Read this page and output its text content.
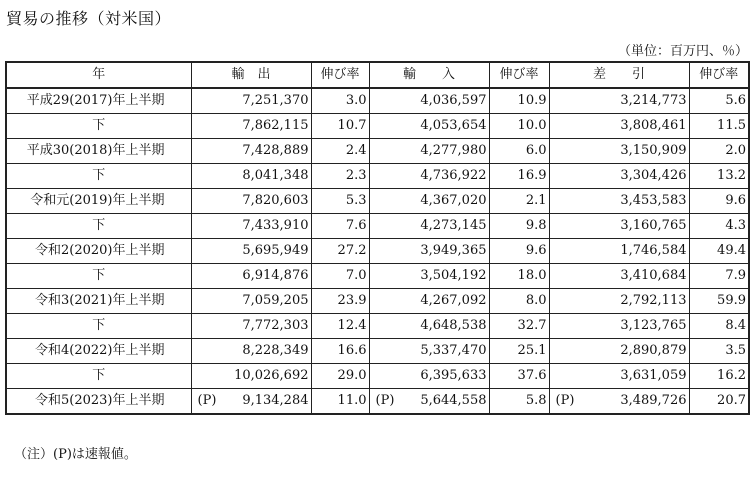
貿易の推移（対米国）
（単位：百万円、％）
年	輸　出	伸び率	輸　　入	伸び率	差　　引	伸び率
平成29(2017)年上半期	7,251,370	3.0	4,036,597	10.9	3,214,773	5.6
下	7,862,115	10.7	4,053,654	10.0	3,808,461	11.5
平成30(2018)年上半期	7,428,889	2.4	4,277,980	6.0	3,150,909	2.0
下	8,041,348	2.3	4,736,922	16.9	3,304,426	13.2
令和元(2019)年上半期	7,820,603	5.3	4,367,020	2.1	3,453,583	9.6
下	7,433,910	7.6	4,273,145	9.8	3,160,765	4.3
令和2(2020)年上半期	5,695,949	27.2	3,949,365	9.6	1,746,584	49.4
下	6,914,876	7.0	3,504,192	18.0	3,410,684	7.9
令和3(2021)年上半期	7,059,205	23.9	4,267,092	8.0	2,792,113	59.9
下	7,772,303	12.4	4,648,538	32.7	3,123,765	8.4
令和4(2022)年上半期	8,228,349	16.6	5,337,470	25.1	2,890,879	3.5
下	10,026,692	29.0	6,395,633	37.6	3,631,059	16.2
令和5(2023)年上半期	(P) 9,134,284	11.0	(P) 5,644,558	5.8	(P) 3,489,726	20.7
（注）(P)は速報値。
